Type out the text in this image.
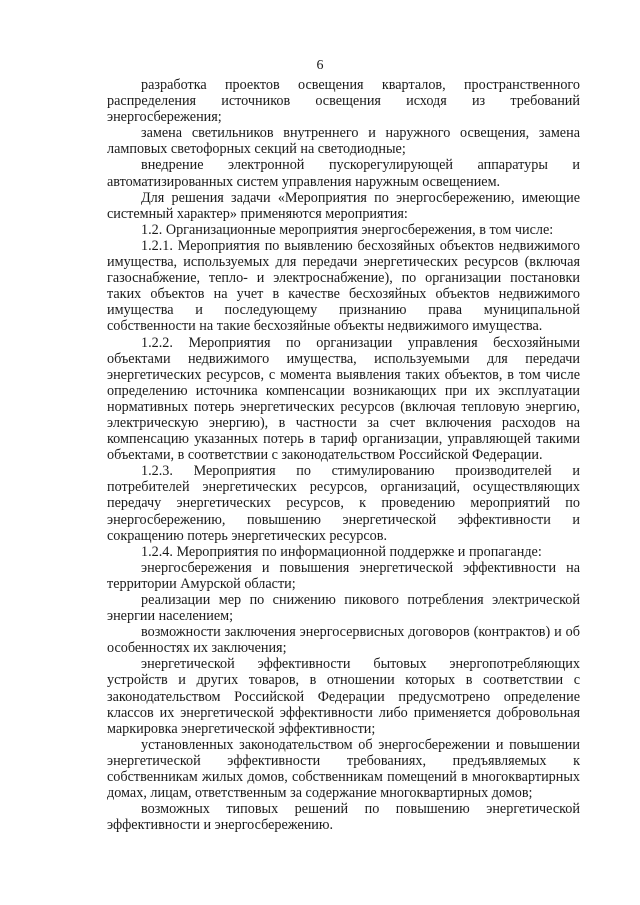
6

разработка проектов освещения кварталов, пространственного распределения источников освещения исходя из требований энергосбережения;

замена светильников внутреннего и наружного освещения, замена ламповых светофорных секций на светодиодные;

внедрение электронной пускорегулирующей аппаратуры и автоматизированных систем управления наружным освещением.

Для решения задачи «Мероприятия по энергосбережению, имеющие системный характер» применяются мероприятия:

1.2. Организационные мероприятия энергосбережения, в том числе:

1.2.1. Мероприятия по выявлению бесхозяйных объектов недвижимого имущества, используемых для передачи энергетических ресурсов (включая газоснабжение, тепло- и электроснабжение), по организации постановки таких объектов на учет в качестве бесхозяйных объектов недвижимого имущества и последующему признанию права муниципальной собственности на такие бесхозяйные объекты недвижимого имущества.

1.2.2. Мероприятия по организации управления бесхозяйными объектами недвижимого имущества, используемыми для передачи энергетических ресурсов, с момента выявления таких объектов, в том числе определению источника компенсации возникающих при их эксплуатации нормативных потерь энергетических ресурсов (включая тепловую энергию, электрическую энергию), в частности за счет включения расходов на компенсацию указанных потерь в тариф организации, управляющей такими объектами, в соответствии с законодательством Российской Федерации.

1.2.3. Мероприятия по стимулированию производителей и потребителей энергетических ресурсов, организаций, осуществляющих передачу энергетических ресурсов, к проведению мероприятий по энергосбережению, повышению энергетической эффективности и сокращению потерь энергетических ресурсов.

1.2.4. Мероприятия по информационной поддержке и пропаганде:

энергосбережения и повышения энергетической эффективности на территории Амурской области;

реализации мер по снижению пикового потребления электрической энергии населением;

возможности заключения энергосервисных договоров (контрактов) и об особенностях их заключения;

энергетической эффективности бытовых энергопотребляющих устройств и других товаров, в отношении которых в соответствии с законодательством Российской Федерации предусмотрено определение классов их энергетической эффективности либо применяется добровольная маркировка энергетической эффективности;

установленных законодательством об энергосбережении и повышении энергетической эффективности требованиях, предъявляемых к собственникам жилых домов, собственникам помещений в многоквартирных домах, лицам, ответственным за содержание многоквартирных домов;

возможных типовых решений по повышению энергетической эффективности и энергосбережению.
